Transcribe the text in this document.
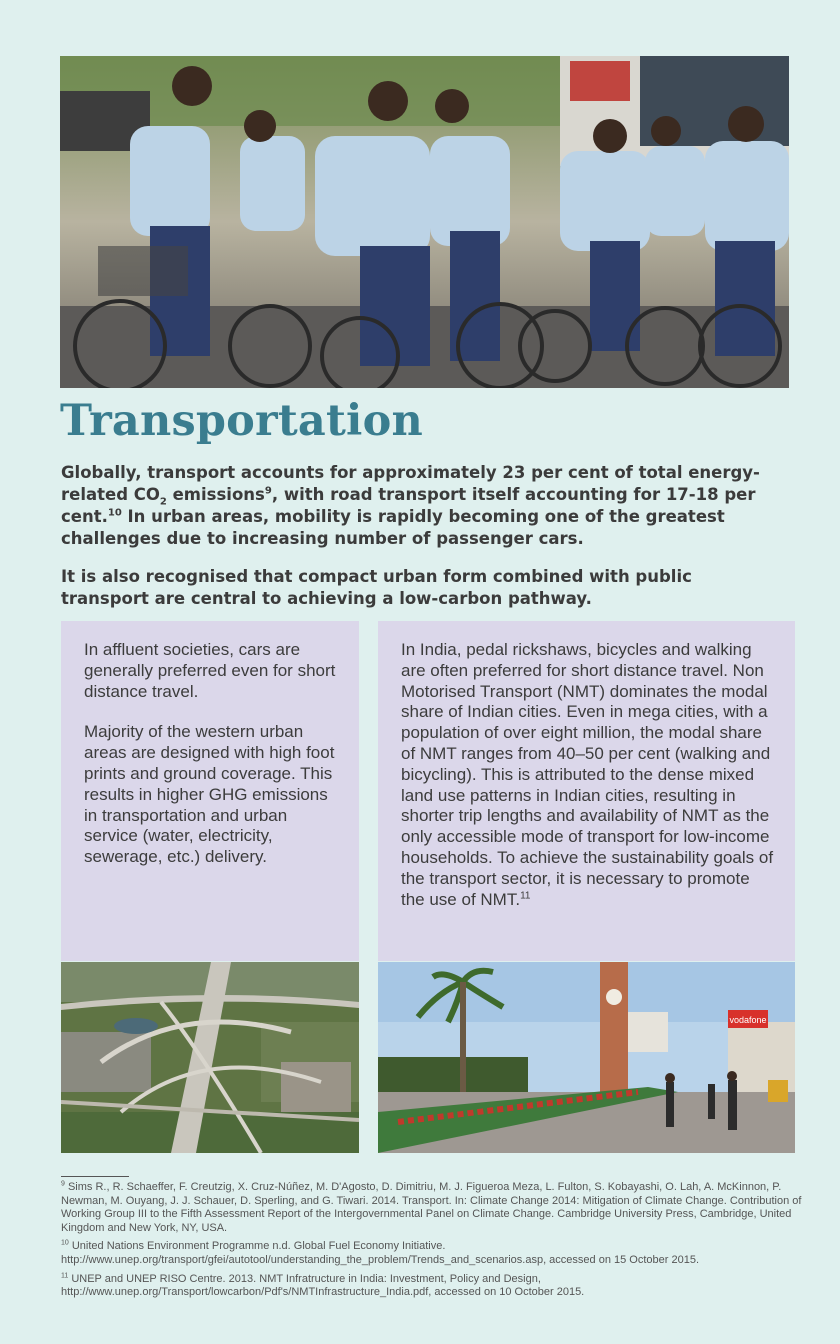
Transportation

Globally, transport accounts for approximately 23 per cent of total energy-related $CO_2$ emissions$^9$, with road transport itself accounting for 17-18 per cent.$^{10}$ In urban areas, mobility is rapidly becoming one of the greatest challenges due to increasing number of passenger cars.

It is also recognised that compact urban form combined with public transport are central to achieving a low-carbon pathway.

In affluent societies, cars are generally preferred even for short distance travel.

Majority of the western urban areas are designed with high foot prints and ground coverage. This results in higher GHG emissions in transportation and urban service (water, electricity, sewerage, etc.) delivery.

In India, pedal rickshaws, bicycles and walking are often preferred for short distance travel. Non Motorised Transport (NMT) dominates the modal share of Indian cities. Even in mega cities, with a population of over eight million, the modal share of NMT ranges from 40–50 per cent (walking and bicycling). This is attributed to the dense mixed land use patterns in Indian cities, resulting in shorter trip lengths and availability of NMT as the only accessible mode of transport for low-income households. To achieve the sustainability goals of the transport sector, it is necessary to promote the use of NMT.$^{11}$

vodafone

$^9$ Sims R., R. Schaeffer, F. Creutzig, X. Cruz-Núñez, M. D'Agosto, D. Dimitriu, M. J. Figueroa Meza, L. Fulton, S. Kobayashi, O. Lah, A. McKinnon, P. Newman, M. Ouyang, J. J. Schauer, D. Sperling, and G. Tiwari. 2014. Transport. In: Climate Change 2014: Mitigation of Climate Change. Contribution of Working Group III to the Fifth Assessment Report of the Intergovernmental Panel on Climate Change. Cambridge University Press, Cambridge, United Kingdom and New York, NY, USA.

$^{10}$ United Nations Environment Programme n.d. Global Fuel Economy Initiative. http://www.unep.org/transport/gfei/autotool/understanding_the_problem/Trends_and_scenarios.asp, accessed on 15 October 2015.

$^{11}$ UNEP and UNEP RISO Centre. 2013. NMT Infratructure in India: Investment, Policy and Design, http://www.unep.org/Transport/lowcarbon/Pdf's/NMTInfrastructure_India.pdf, accessed on 10 October 2015.
